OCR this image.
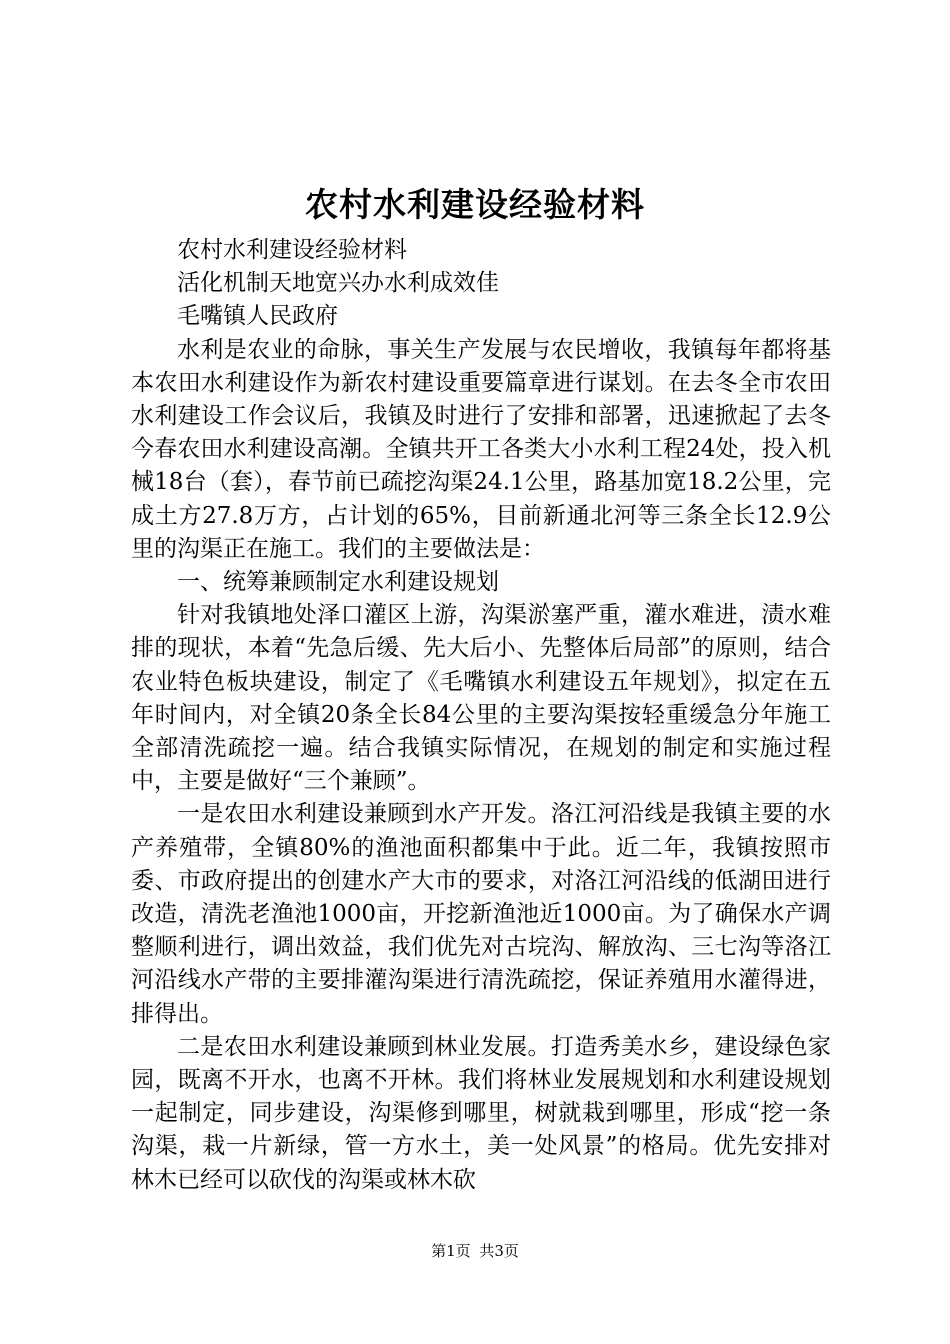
农村水利建设经验材料

农村水利建设经验材料

活化机制天地宽兴办水利成效佳

毛嘴镇人民政府

水利是农业的命脉，事关生产发展与农民增收，我镇每年都将基本农田水利建设作为新农村建设重要篇章进行谋划。在去冬全市农田水利建设工作会议后，我镇及时进行了安排和部署，迅速掀起了去冬今春农田水利建设高潮。全镇共开工各类大小水利工程24处，投入机械18台（套），春节前已疏挖沟渠24.1公里，路基加宽18.2公里，完成土方27.8万方，占计划的65%，目前新通北河等三条全长12.9公里的沟渠正在施工。我们的主要做法是：

一、统筹兼顾制定水利建设规划

针对我镇地处泽口灌区上游，沟渠淤塞严重，灌水难进，渍水难排的现状，本着“先急后缓、先大后小、先整体后局部”的原则，结合农业特色板块建设，制定了《毛嘴镇水利建设五年规划》，拟定在五年时间内，对全镇20条全长84公里的主要沟渠按轻重缓急分年施工全部清洗疏挖一遍。结合我镇实际情况，在规划的制定和实施过程中，主要是做好“三个兼顾”。

一是农田水利建设兼顾到水产开发。洛江河沿线是我镇主要的水产养殖带，全镇80%的渔池面积都集中于此。近二年，我镇按照市委、市政府提出的创建水产大市的要求，对洛江河沿线的低湖田进行改造，清洗老渔池1000亩，开挖新渔池近1000亩。为了确保水产调整顺利进行，调出效益，我们优先对古垸沟、解放沟、三七沟等洛江河沿线水产带的主要排灌沟渠进行清洗疏挖，保证养殖用水灌得进，排得出。

二是农田水利建设兼顾到林业发展。打造秀美水乡，建设绿色家园，既离不开水，也离不开林。我们将林业发展规划和水利建设规划一起制定，同步建设，沟渠修到哪里，树就栽到哪里，形成“挖一条沟渠，栽一片新绿，管一方水土，美一处风景”的格局。优先安排对林木已经可以砍伐的沟渠或林木砍

第1页 共3页
